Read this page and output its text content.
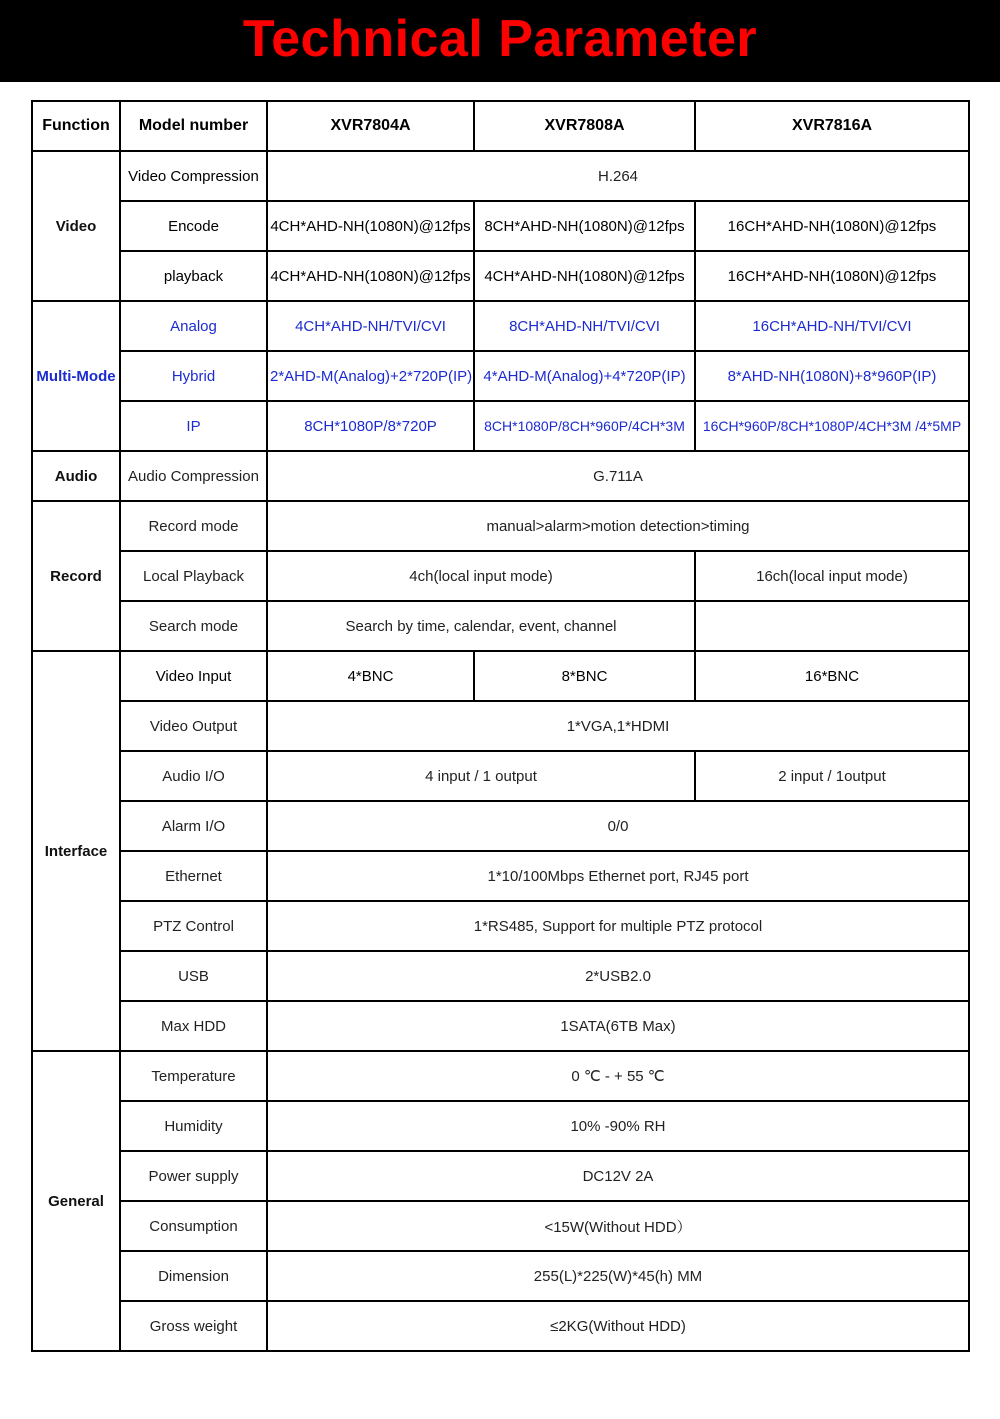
Technical Parameter
Function	Model number	XVR7804A	XVR7808A	XVR7816A
Video	Video Compression	H.264		
	Encode	4CH*AHD-NH(1080N)@12fps	8CH*AHD-NH(1080N)@12fps	16CH*AHD-NH(1080N)@12fps
	playback	4CH*AHD-NH(1080N)@12fps	4CH*AHD-NH(1080N)@12fps	16CH*AHD-NH(1080N)@12fps
Multi-Mode	Analog	4CH*AHD-NH/TVI/CVI	8CH*AHD-NH/TVI/CVI	16CH*AHD-NH/TVI/CVI
	Hybrid	2*AHD-M(Analog)+2*720P(IP)	4*AHD-M(Analog)+4*720P(IP)	8*AHD-NH(1080N)+8*960P(IP)
	IP	8CH*1080P/8*720P	8CH*1080P/8CH*960P/4CH*3M	16CH*960P/8CH*1080P/4CH*3M /4*5MP
Audio	Audio Compression	G.711A		
Record	Record mode	manual>alarm>motion detection>timing		
	Local Playback	4ch(local input mode)		16ch(local input mode)
	Search mode	Search by time, calendar, event, channel		
Interface	Video Input	4*BNC	8*BNC	16*BNC
	Video Output	1*VGA,1*HDMI		
	Audio I/O	4 input / 1 output		2 input / 1output
	Alarm I/O	0/0		
	Ethernet	1*10/100Mbps Ethernet port, RJ45 port		
	PTZ Control	1*RS485, Support for multiple PTZ protocol		
	USB	2*USB2.0		
	Max HDD	1SATA(6TB Max)		
General	Temperature	0 ℃ - + 55 ℃		
	Humidity	10% -90% RH		
	Power supply	DC12V 2A		
	Consumption	<15W(Without HDD）		
	Dimension	255(L)*225(W)*45(h) MM		
	Gross weight	≤2KG(Without HDD)		
